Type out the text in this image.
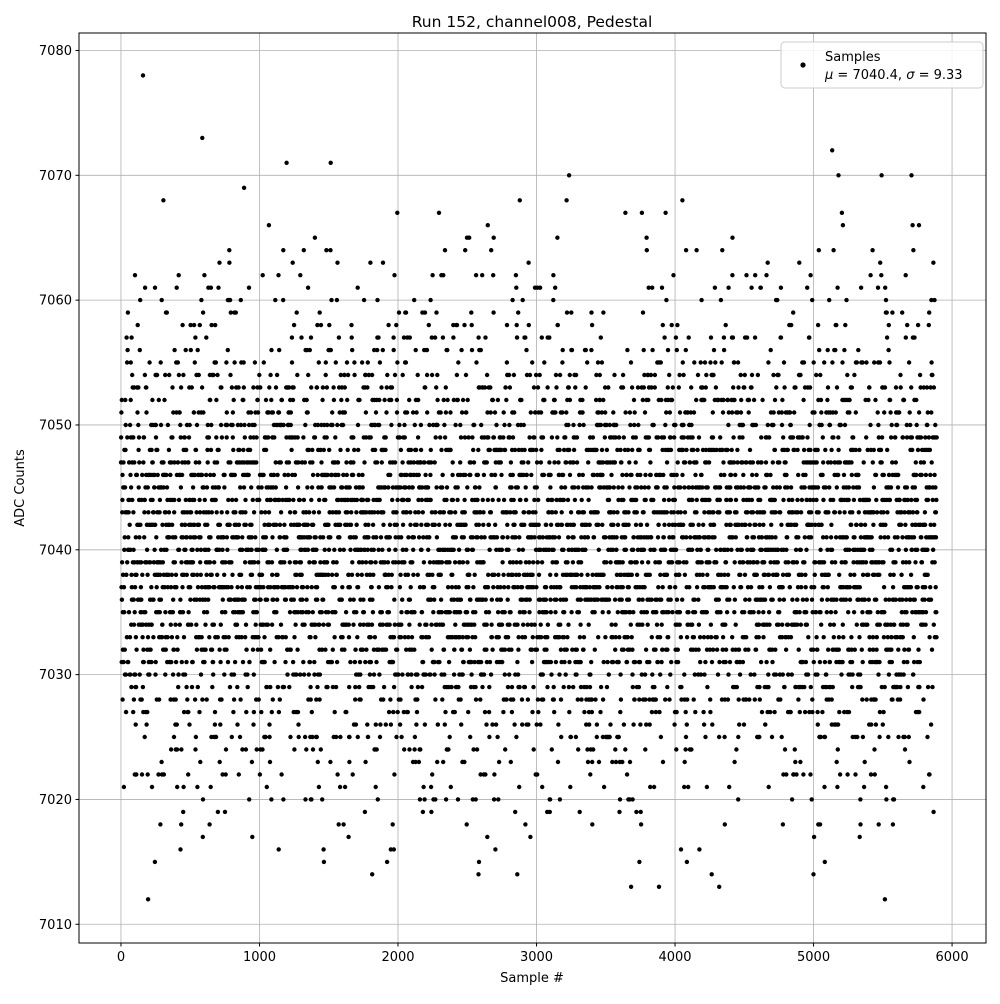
0	1000	2000	3000	4000	5000	6000
7010
7020
7030
7040
7050
7060
7070
7080	Samples
μ = 7040.4, σ = 9.33
Run 152, channel008, Pedestal
Sample #
ADC Counts
